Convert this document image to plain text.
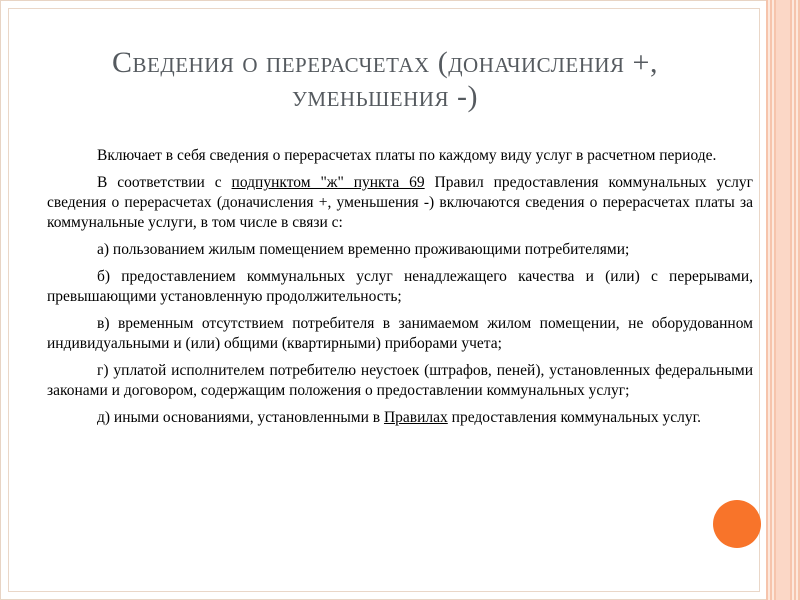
Сведения о перерасчетах (доначисления +, уменьшения -)

Включает в себя сведения о перерасчетах платы по каждому виду услуг в расчетном периоде.

В соответствии с подпунктом "ж" пункта 69 Правил предоставления коммунальных услуг сведения о перерасчетах (доначисления +, уменьшения -) включаются сведения о перерасчетах платы за коммунальные услуги, в том числе в связи с:

а) пользованием жилым помещением временно проживающими потребителями;

б) предоставлением коммунальных услуг ненадлежащего качества и (или) с перерывами, превышающими установленную продолжительность;

в) временным отсутствием потребителя в занимаемом жилом помещении, не оборудованном индивидуальными и (или) общими (квартирными) приборами учета;

г) уплатой исполнителем потребителю неустоек (штрафов, пеней), установленных федеральными законами и договором, содержащим положения о предоставлении коммунальных услуг;

д) иными основаниями, установленными в Правилах предоставления коммунальных услуг.
